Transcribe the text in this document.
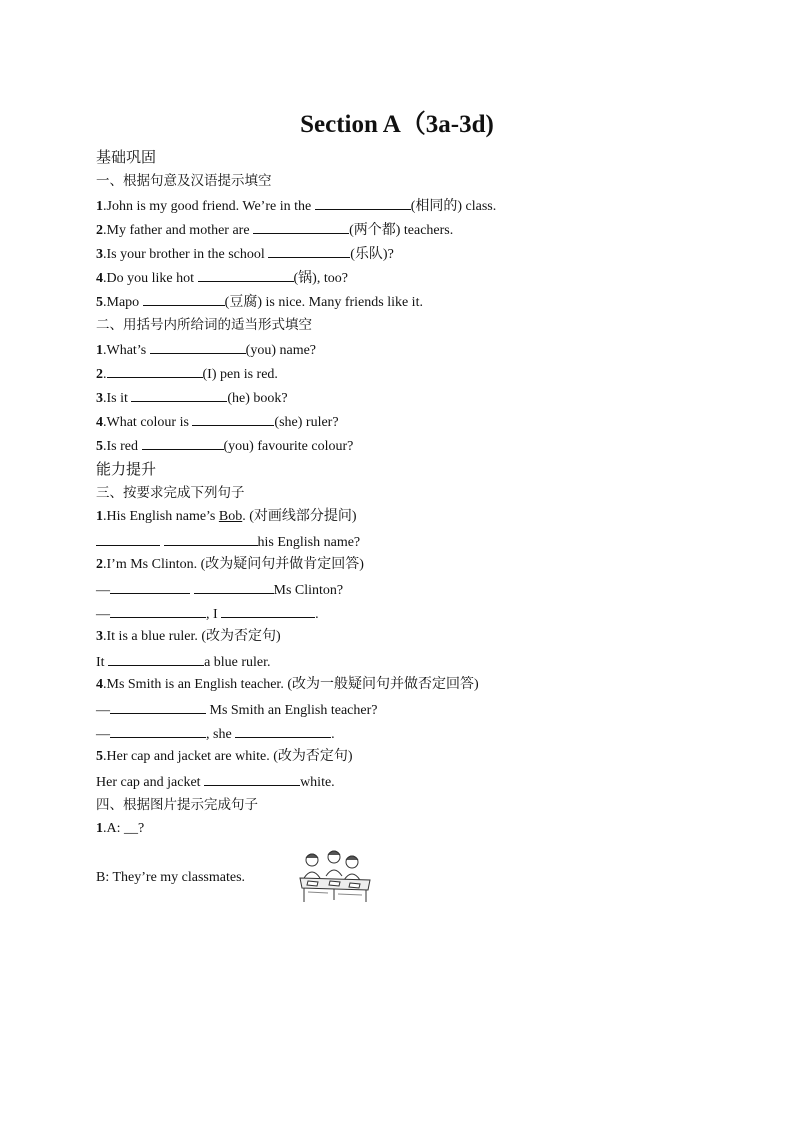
Section A（3a-3d)
基础巩固
一、根据句意及汉语提示填空
1.John is my good friend. We’re in the	(相同的) class.
2.My father and mother are	(两个都) teachers.
3.Is your brother in the school	(乐队)?
4.Do you like hot	(锅), too?
5.Mapo	(豆腐) is nice. Many friends like it.
二、用括号内所给词的适当形式填空
1.What’s	(you) name?
2.	(I) pen is red.
3.Is it	(he) book?
4.What colour is	(she) ruler?
5.Is red	(you) favourite colour?
能力提升
三、按要求完成下列句子
1.His English name’s Bob. (对画线部分提问)
his English name?
2.I’m Ms Clinton. (改为疑问句并做肯定回答)
—	Ms Clinton?
—	, I	.
3.It is a blue ruler. (改为否定句)
It	a blue ruler.
4.Ms Smith is an English teacher. (改为一般疑问句并做否定回答)
—	Ms Smith an English teacher?
—	, she	.
5.Her cap and jacket are white. (改为否定句)
Her cap and jacket	white.
四、根据图片提示完成句子
1.A: __?
B: They’re my classmates.
